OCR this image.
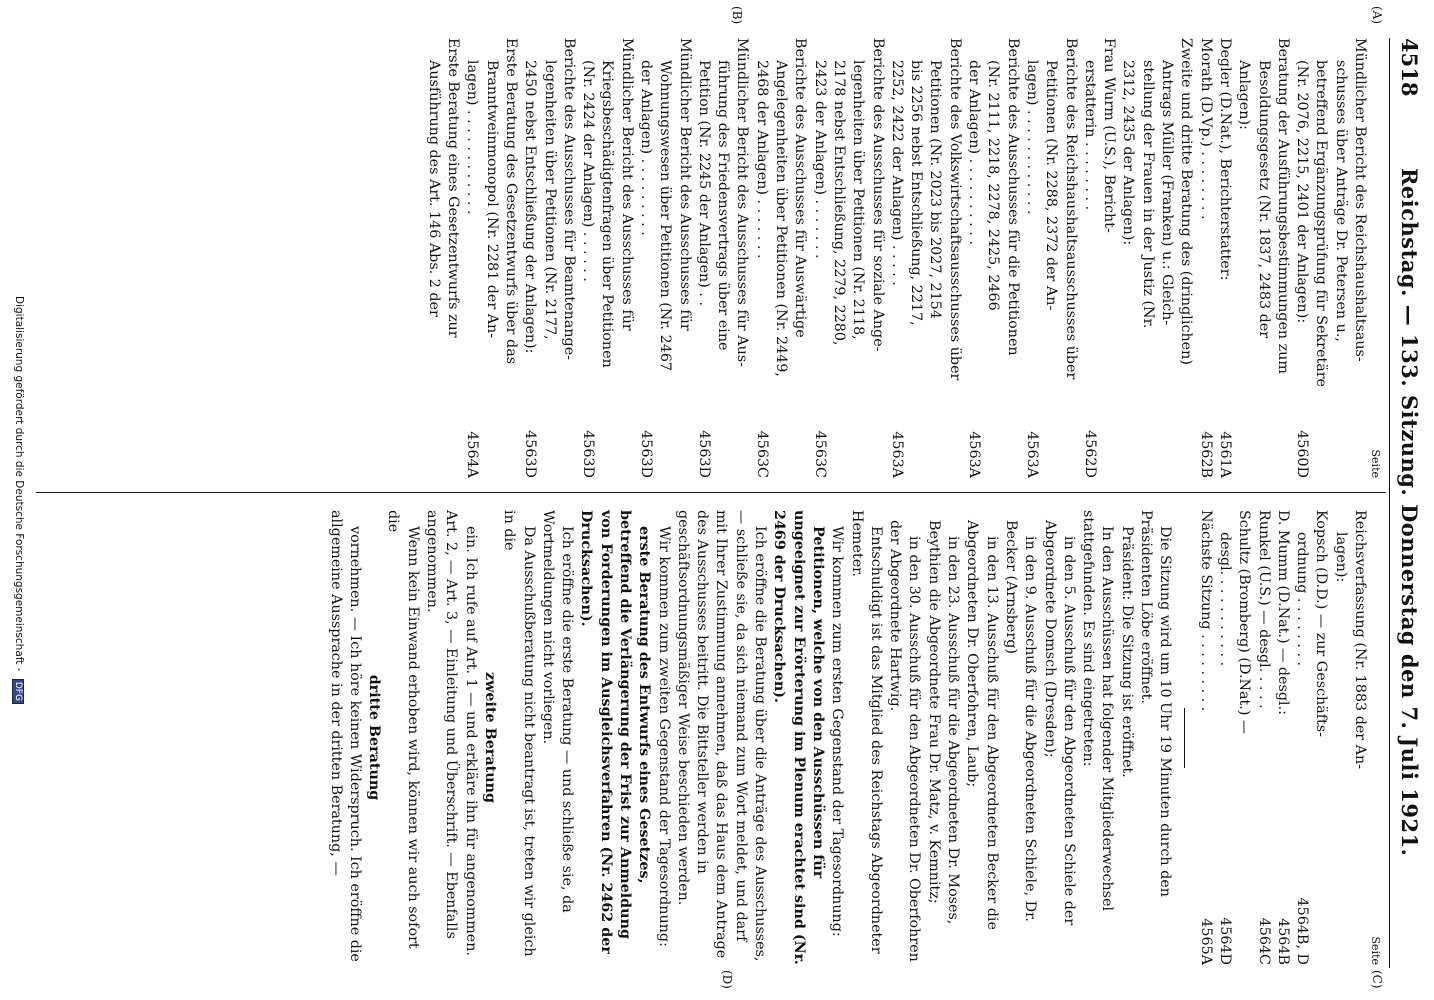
4518
Reichstag. — 133. Sitzung. Donnerstag den 7. Juli 1921.
(A)
(B)
(C)
(D)
Seite
Mündlicher Bericht des Reichshaushaltsaus-
schusses über Anträge Dr. Petersen u.,
betreffend Ergänzungsprüfung für Sekretäre
(Nr. 2076, 2215, 2401 der Anlagen):
4560D
Beratung der Ausführungsbestimmungen zum
Besoldungsgesetz (Nr. 1837, 2483 der
Anlagen):
Degler (D.Nat.), Berichterstatter:
4561A
Morath (D.Vp.) . . . . . . . .
4562B
Zweite und dritte Beratung des (dringlichen)
Antrags Müller (Franken) u.: Gleich-
stellung der Frauen in der Justiz (Nr.
2312, 2435 der Anlagen):
Frau Wurm (U.S.), Bericht-
erstatterin . . . . . . . .
4562D
Berichte des Reichshaushaltsausschusses über
Petitionen (Nr. 2288, 2372 der An-
lagen) . . . . . . . . . . . .
4563A
Berichte des Ausschusses für die Petitionen
(Nr. 2111, 2218, 2278, 2425, 2466
der Anlagen) . . . . . . . . . .
4563A
Berichte des Volkswirtschaftsausschusses über
Petitionen (Nr. 2023 bis 2027, 2154
bis 2256 nebst Entschließung, 2217,
2252, 2422 der Anlagen) . . . . .
4563A
Berichte des Ausschusses für soziale Ange-
legenheiten über Petitionen (Nr. 2118,
2178 nebst Entschließung, 2279, 2280,
2423 der Anlagen) . . . . . . .
4563C
Berichte des Ausschusses für Auswärtige
Angelegenheiten über Petitionen (Nr. 2449,
2468 der Anlagen) . . . . . . .
4563C
Mündlicher Bericht des Ausschusses für Aus-
führung des Friedensvertrags über eine
Petition (Nr. 2245 der Anlagen) . .
4563D
Mündlicher Bericht des Ausschusses für
Wohnungswesen über Petitionen (Nr. 2467
der Anlagen) . . . . . . . . .
4563D
Mündlicher Bericht des Ausschusses für
Kriegsbeschädigtenfragen über Petitionen
(Nr. 2424 der Anlagen) . . . . . .
4563D
Berichte des Ausschusses für Beamtenange-
legenheiten über Petitionen (Nr. 2177,
2450 nebst Entschließung der Anlagen):
4563D
Erste Beratung des Gesetzentwurfs über das
Branntweinmonopol (Nr. 2281 der An-
lagen) . . . . . . . . . . . .
4564A
Erste Beratung eines Gesetzentwurfs zur
Ausführung des Art. 146 Abs. 2 der
Seite
Reichsverfassung (Nr. 1883 der An-
lagen):
Kopsch (D.D.) — zur Geschäfts-
ordnung . . . . . . . .
4564B, D
D. Mumm (D.Nat.) — desgl.:
4564B
Runkel (U.S.) — desgl. . . . .
4564C
Schultz (Bromberg) (D.Nat.) —
desgl. . . . . . . . . . .
4564D
Nächste Sitzung . . . . . . . . .
4565A

Die Sitzung wird um 10 Uhr 19 Minuten durch den Präsidenten Löbe eröffnet.

Präsident: Die Sitzung ist eröffnet.

In den Ausschüssen hat folgender Mitgliederwechsel stattgefunden. Es sind eingetreten:

in den 5. Ausschuß für den Abgeordneten Schiele der Abgeordnete Domsch (Dresden);

in den 9. Ausschuß für die Abgeordneten Schiele, Dr. Becker (Arnsberg)

in den 13. Ausschuß für den Abgeordneten Becker die Abgeordneten Dr. Oberfohren, Laub;

in den 23. Ausschuß für die Abgeordneten Dr. Moses, Beythien die Abgeordnete Frau Dr. Matz, v. Kemnitz;

in den 30. Ausschuß für den Abgeordneten Dr. Oberfohren der Abgeordnete Hartwig.

Entschuldigt ist das Mitglied des Reichstags Abgeordneter Hemeter.

Wir kommen zum ersten Gegenstand der Tagesordnung:

Petitionen, welche von den Ausschüssen für ungeeignet zur Erörterung im Plenum erachtet sind (Nr. 2469 der Drucksachen).

Ich eröffne die Beratung über die Anträge des Ausschusses, — schließe sie, da sich niemand zum Wort meldet, und darf mit Ihrer Zustimmung annehmen, daß das Haus dem Antrage des Ausschusses beitritt. Die Bittsteller werden in geschäftsordnungsmäßiger Weise beschieden werden.

Wir kommen zum zweiten Gegenstand der Tagesordnung:

erste Beratung des Entwurfs eines Gesetzes, betreffend die Verlängerung der Frist zur Anmeldung von Forderungen im Ausgleichsverfahren (Nr. 2462 der Drucksachen).

Ich eröffne die erste Beratung — und schließe sie, da Wortmeldungen nicht vorliegen.

Da Ausschußberatung nicht beantragt ist, treten wir gleich in die

zweite Beratung

ein. Ich rufe auf Art. 1 — und erkläre ihn für angenommen. Art. 2, — Art. 3, — Einleitung und Überschrift. — Ebenfalls angenommen.

Wenn kein Einwand erhoben wird, können wir auch sofort die

dritte Beratung

vornehmen. — Ich höre keinen Widerspruch. Ich eröffne die allgemeine Aussprache in der dritten Beratung, —

Digitalisierung gefördert durch die Deutsche Forschungsgemeinschaft - DFG
